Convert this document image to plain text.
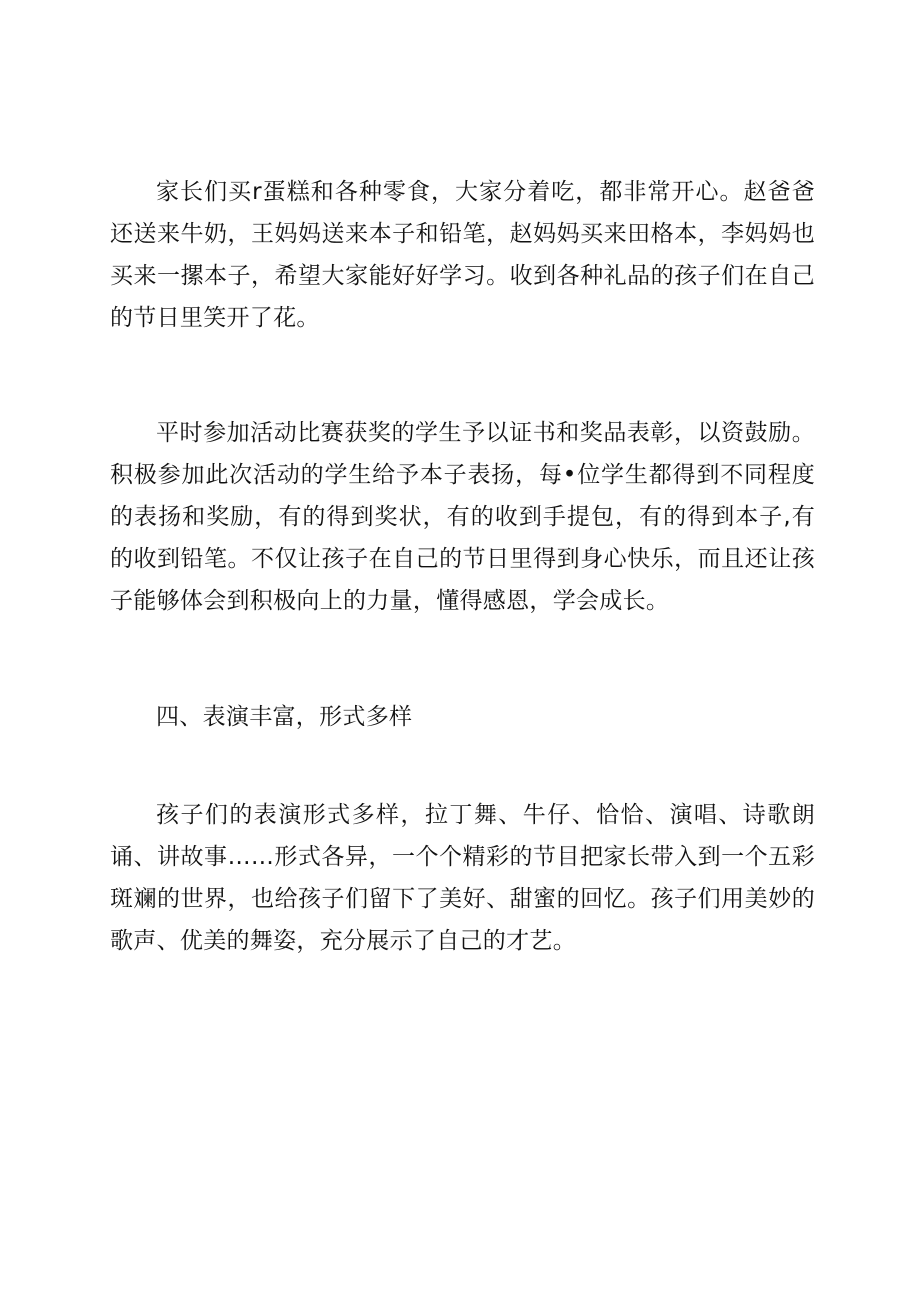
家长们买r蛋糕和各种零食，大家分着吃，都非常开心。赵爸爸还送来牛奶，王妈妈送来本子和铅笔，赵妈妈买来田格本，李妈妈也买来一摞本子，希望大家能好好学习。收到各种礼品的孩子们在自己的节日里笑开了花。

平时参加活动比赛获奖的学生予以证书和奖品表彰，以资鼓励。积极参加此次活动的学生给予本子表扬，每•位学生都得到不同程度的表扬和奖励，有的得到奖状，有的收到手提包，有的得到本子,有的收到铅笔。不仅让孩子在自己的节日里得到身心快乐，而且还让孩子能够体会到积极向上的力量，懂得感恩，学会成长。

四、表演丰富，形式多样

孩子们的表演形式多样，拉丁舞、牛仔、恰恰、演唱、诗歌朗诵、讲故事……形式各异，一个个精彩的节目把家长带入到一个五彩斑斓的世界，也给孩子们留下了美好、甜蜜的回忆。孩子们用美妙的歌声、优美的舞姿，充分展示了自己的才艺。
